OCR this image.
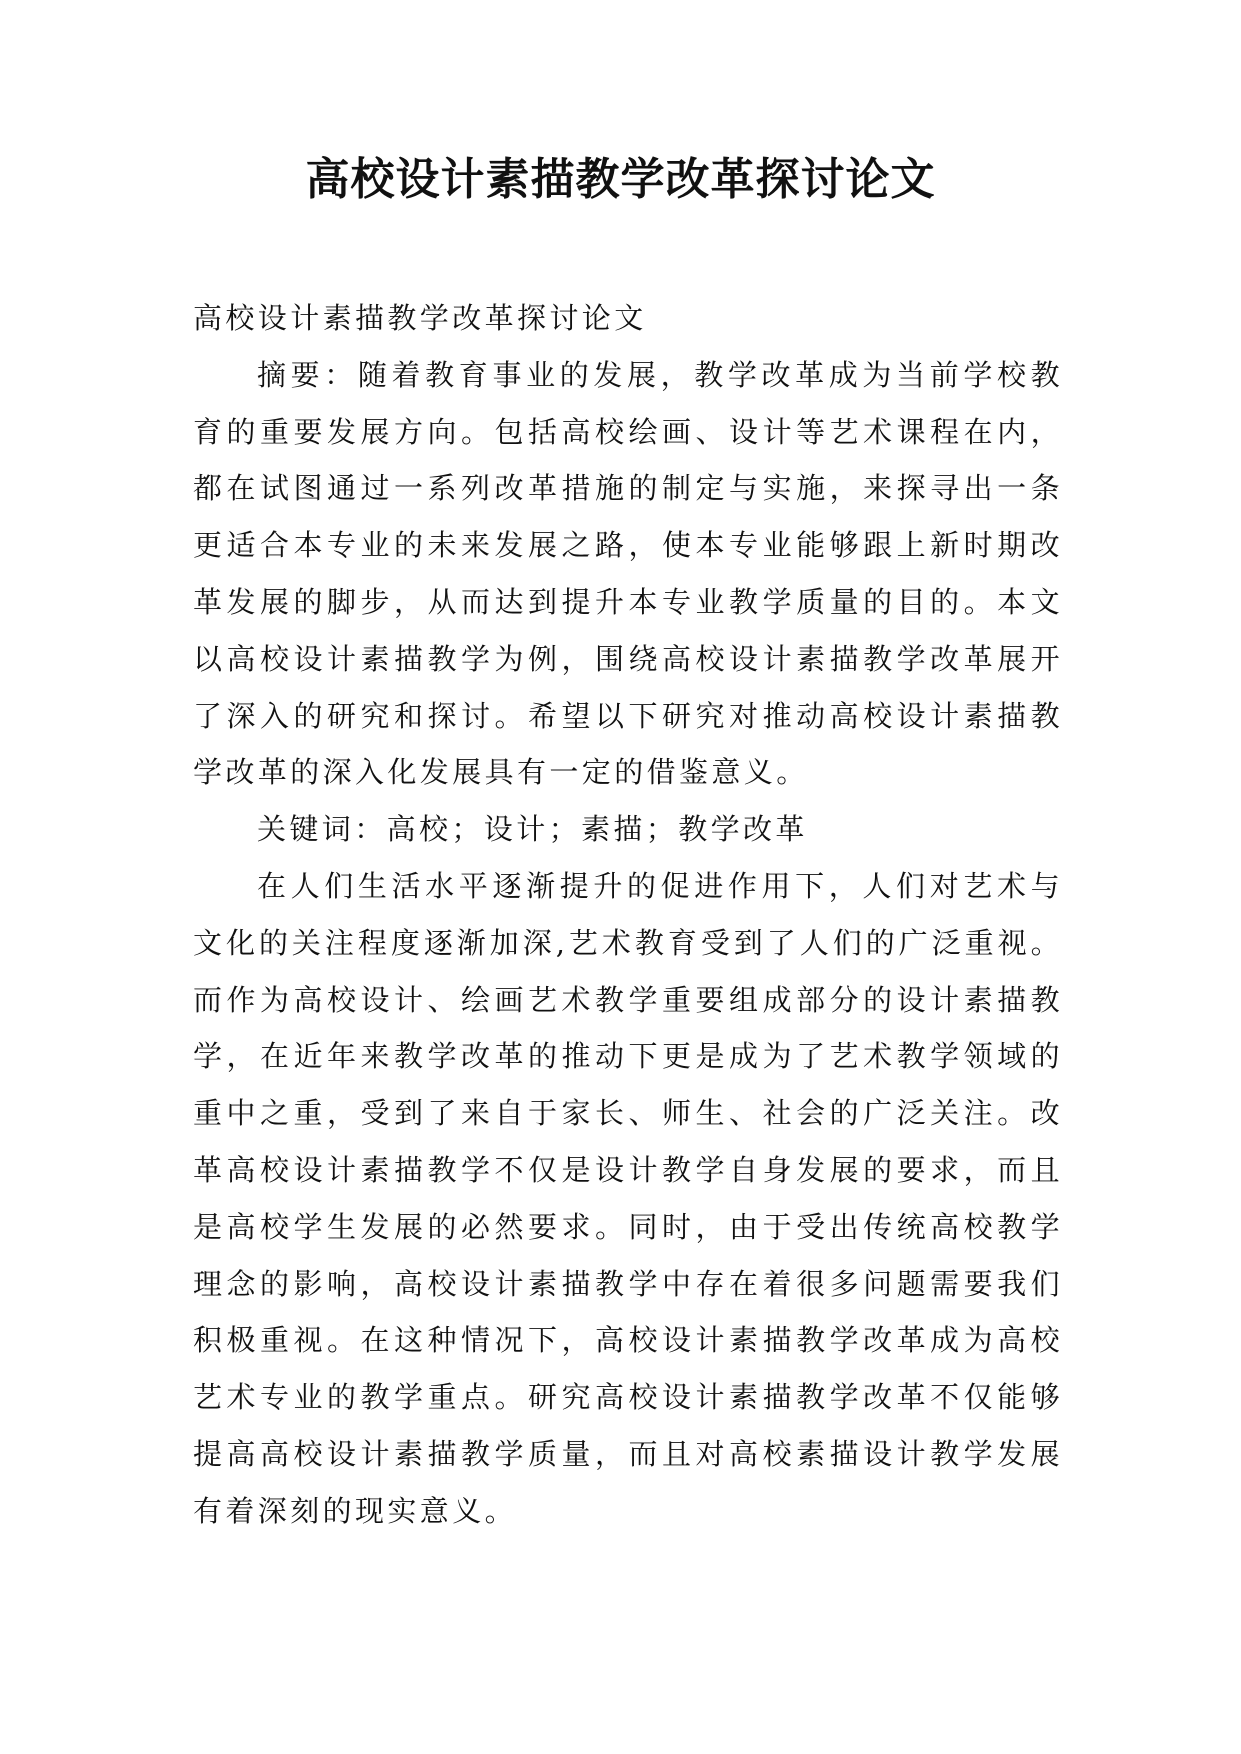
高校设计素描教学改革探讨论文

高校设计素描教学改革探讨论文

摘要：随着教育事业的发展，教学改革成为当前学校教育的重要发展方向。包括高校绘画、设计等艺术课程在内，都在试图通过一系列改革措施的制定与实施，来探寻出一条更适合本专业的未来发展之路，使本专业能够跟上新时期改革发展的脚步，从而达到提升本专业教学质量的目的。本文以高校设计素描教学为例，围绕高校设计素描教学改革展开了深入的研究和探讨。希望以下研究对推动高校设计素描教学改革的深入化发展具有一定的借鉴意义。

关键词：高校；设计；素描；教学改革

在人们生活水平逐渐提升的促进作用下，人们对艺术与文化的关注程度逐渐加深,艺术教育受到了人们的广泛重视。而作为高校设计、绘画艺术教学重要组成部分的设计素描教学，在近年来教学改革的推动下更是成为了艺术教学领域的重中之重，受到了来自于家长、师生、社会的广泛关注。改革高校设计素描教学不仅是设计教学自身发展的要求，而且是高校学生发展的必然要求。同时，由于受出传统高校教学理念的影响，高校设计素描教学中存在着很多问题需要我们积极重视。在这种情况下，高校设计素描教学改革成为高校艺术专业的教学重点。研究高校设计素描教学改革不仅能够提高高校设计素描教学质量，而且对高校素描设计教学发展有着深刻的现实意义。
